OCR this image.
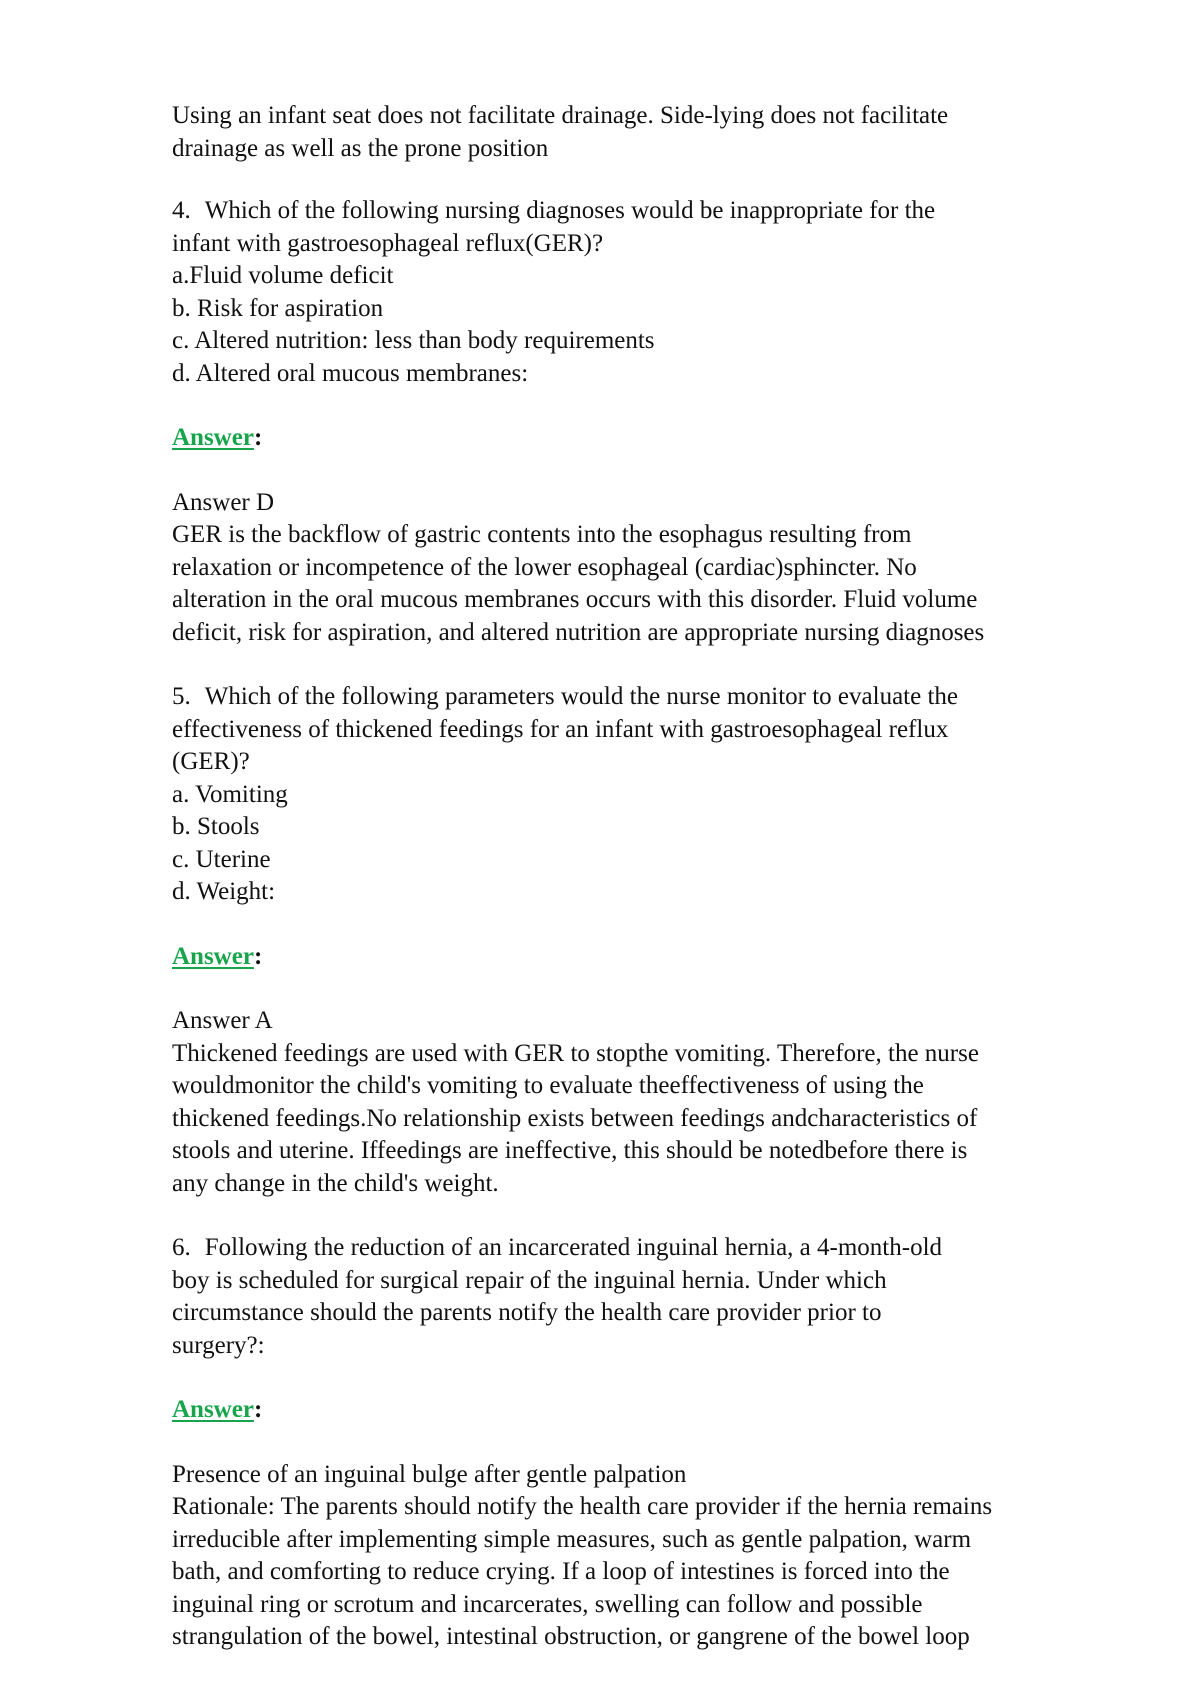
Using an infant seat does not facilitate drainage. Side-lying does not facilitate
drainage as well as the prone position
4. Which of the following nursing diagnoses would be inappropriate for the
infant with gastroesophageal reflux(GER)?
a.Fluid volume deficit
b. Risk for aspiration
c. Altered nutrition: less than body requirements
d. Altered oral mucous membranes:
Answer:
Answer D
GER is the backflow of gastric contents into the esophagus resulting from
relaxation or incompetence of the lower esophageal (cardiac)sphincter. No
alteration in the oral mucous membranes occurs with this disorder. Fluid volume
deficit, risk for aspiration, and altered nutrition are appropriate nursing diagnoses
5. Which of the following parameters would the nurse monitor to evaluate the
effectiveness of thickened feedings for an infant with gastroesophageal reflux
(GER)?
a. Vomiting
b. Stools
c. Uterine
d. Weight:
Answer:
Answer A
Thickened feedings are used with GER to stopthe vomiting. Therefore, the nurse
wouldmonitor the child's vomiting to evaluate theeffectiveness of using the
thickened feedings.No relationship exists between feedings andcharacteristics of
stools and uterine. Iffeedings are ineffective, this should be notedbefore there is
any change in the child's weight.
6. Following the reduction of an incarcerated inguinal hernia, a 4-month-old
boy is scheduled for surgical repair of the inguinal hernia. Under which
circumstance should the parents notify the health care provider prior to
surgery?:
Answer:
Presence of an inguinal bulge after gentle palpation
Rationale: The parents should notify the health care provider if the hernia remains
irreducible after implementing simple measures, such as gentle palpation, warm
bath, and comforting to reduce crying. If a loop of intestines is forced into the
inguinal ring or scrotum and incarcerates, swelling can follow and possible
strangulation of the bowel, intestinal obstruction, or gangrene of the bowel loop
